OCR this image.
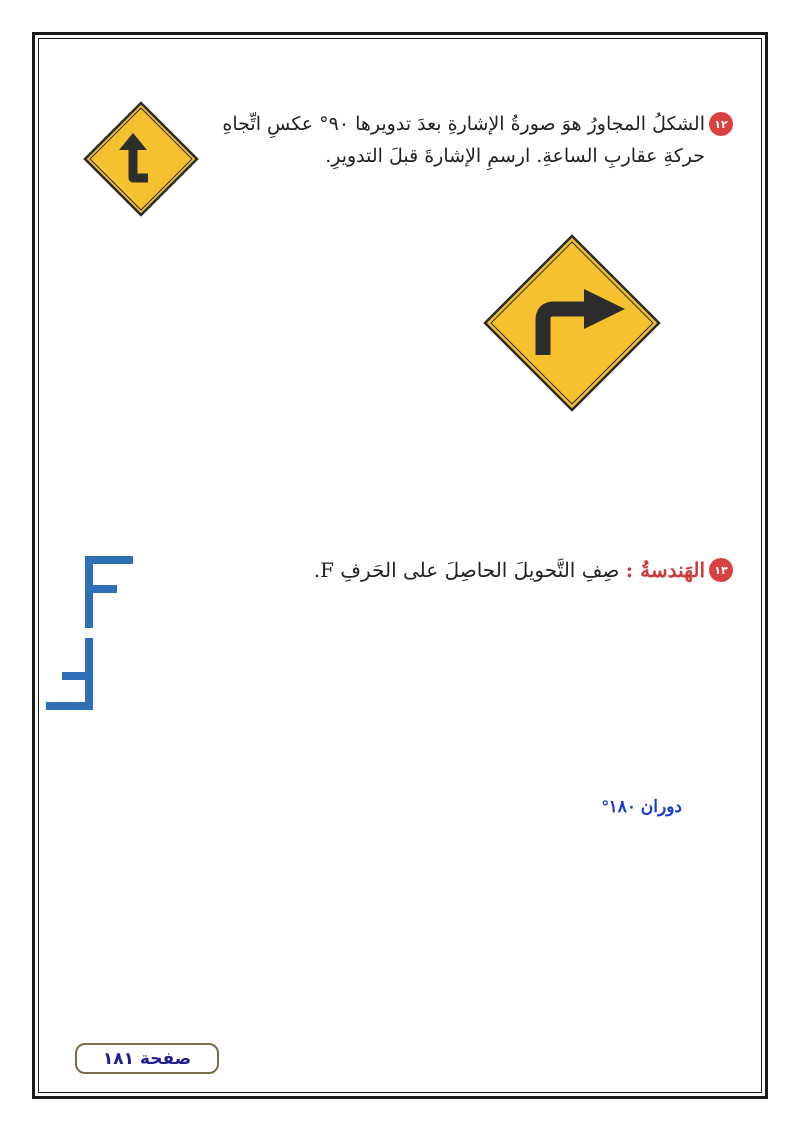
١٢
الشكلُ المجاورُ هوَ صورةُ الإشارةِ بعدَ تدويرها ٩٠° عكسِ اتِّجاهِ حركةِ عقاربِ الساعةِ. ارسمِ الإشارةَ قبلَ التدويرِ.
١٣
الهَندسةُ : صِفِ التَّحويلَ الحاصِلَ على الحَرفِ F.
دوران ١٨٠°
صفحة ١٨١
